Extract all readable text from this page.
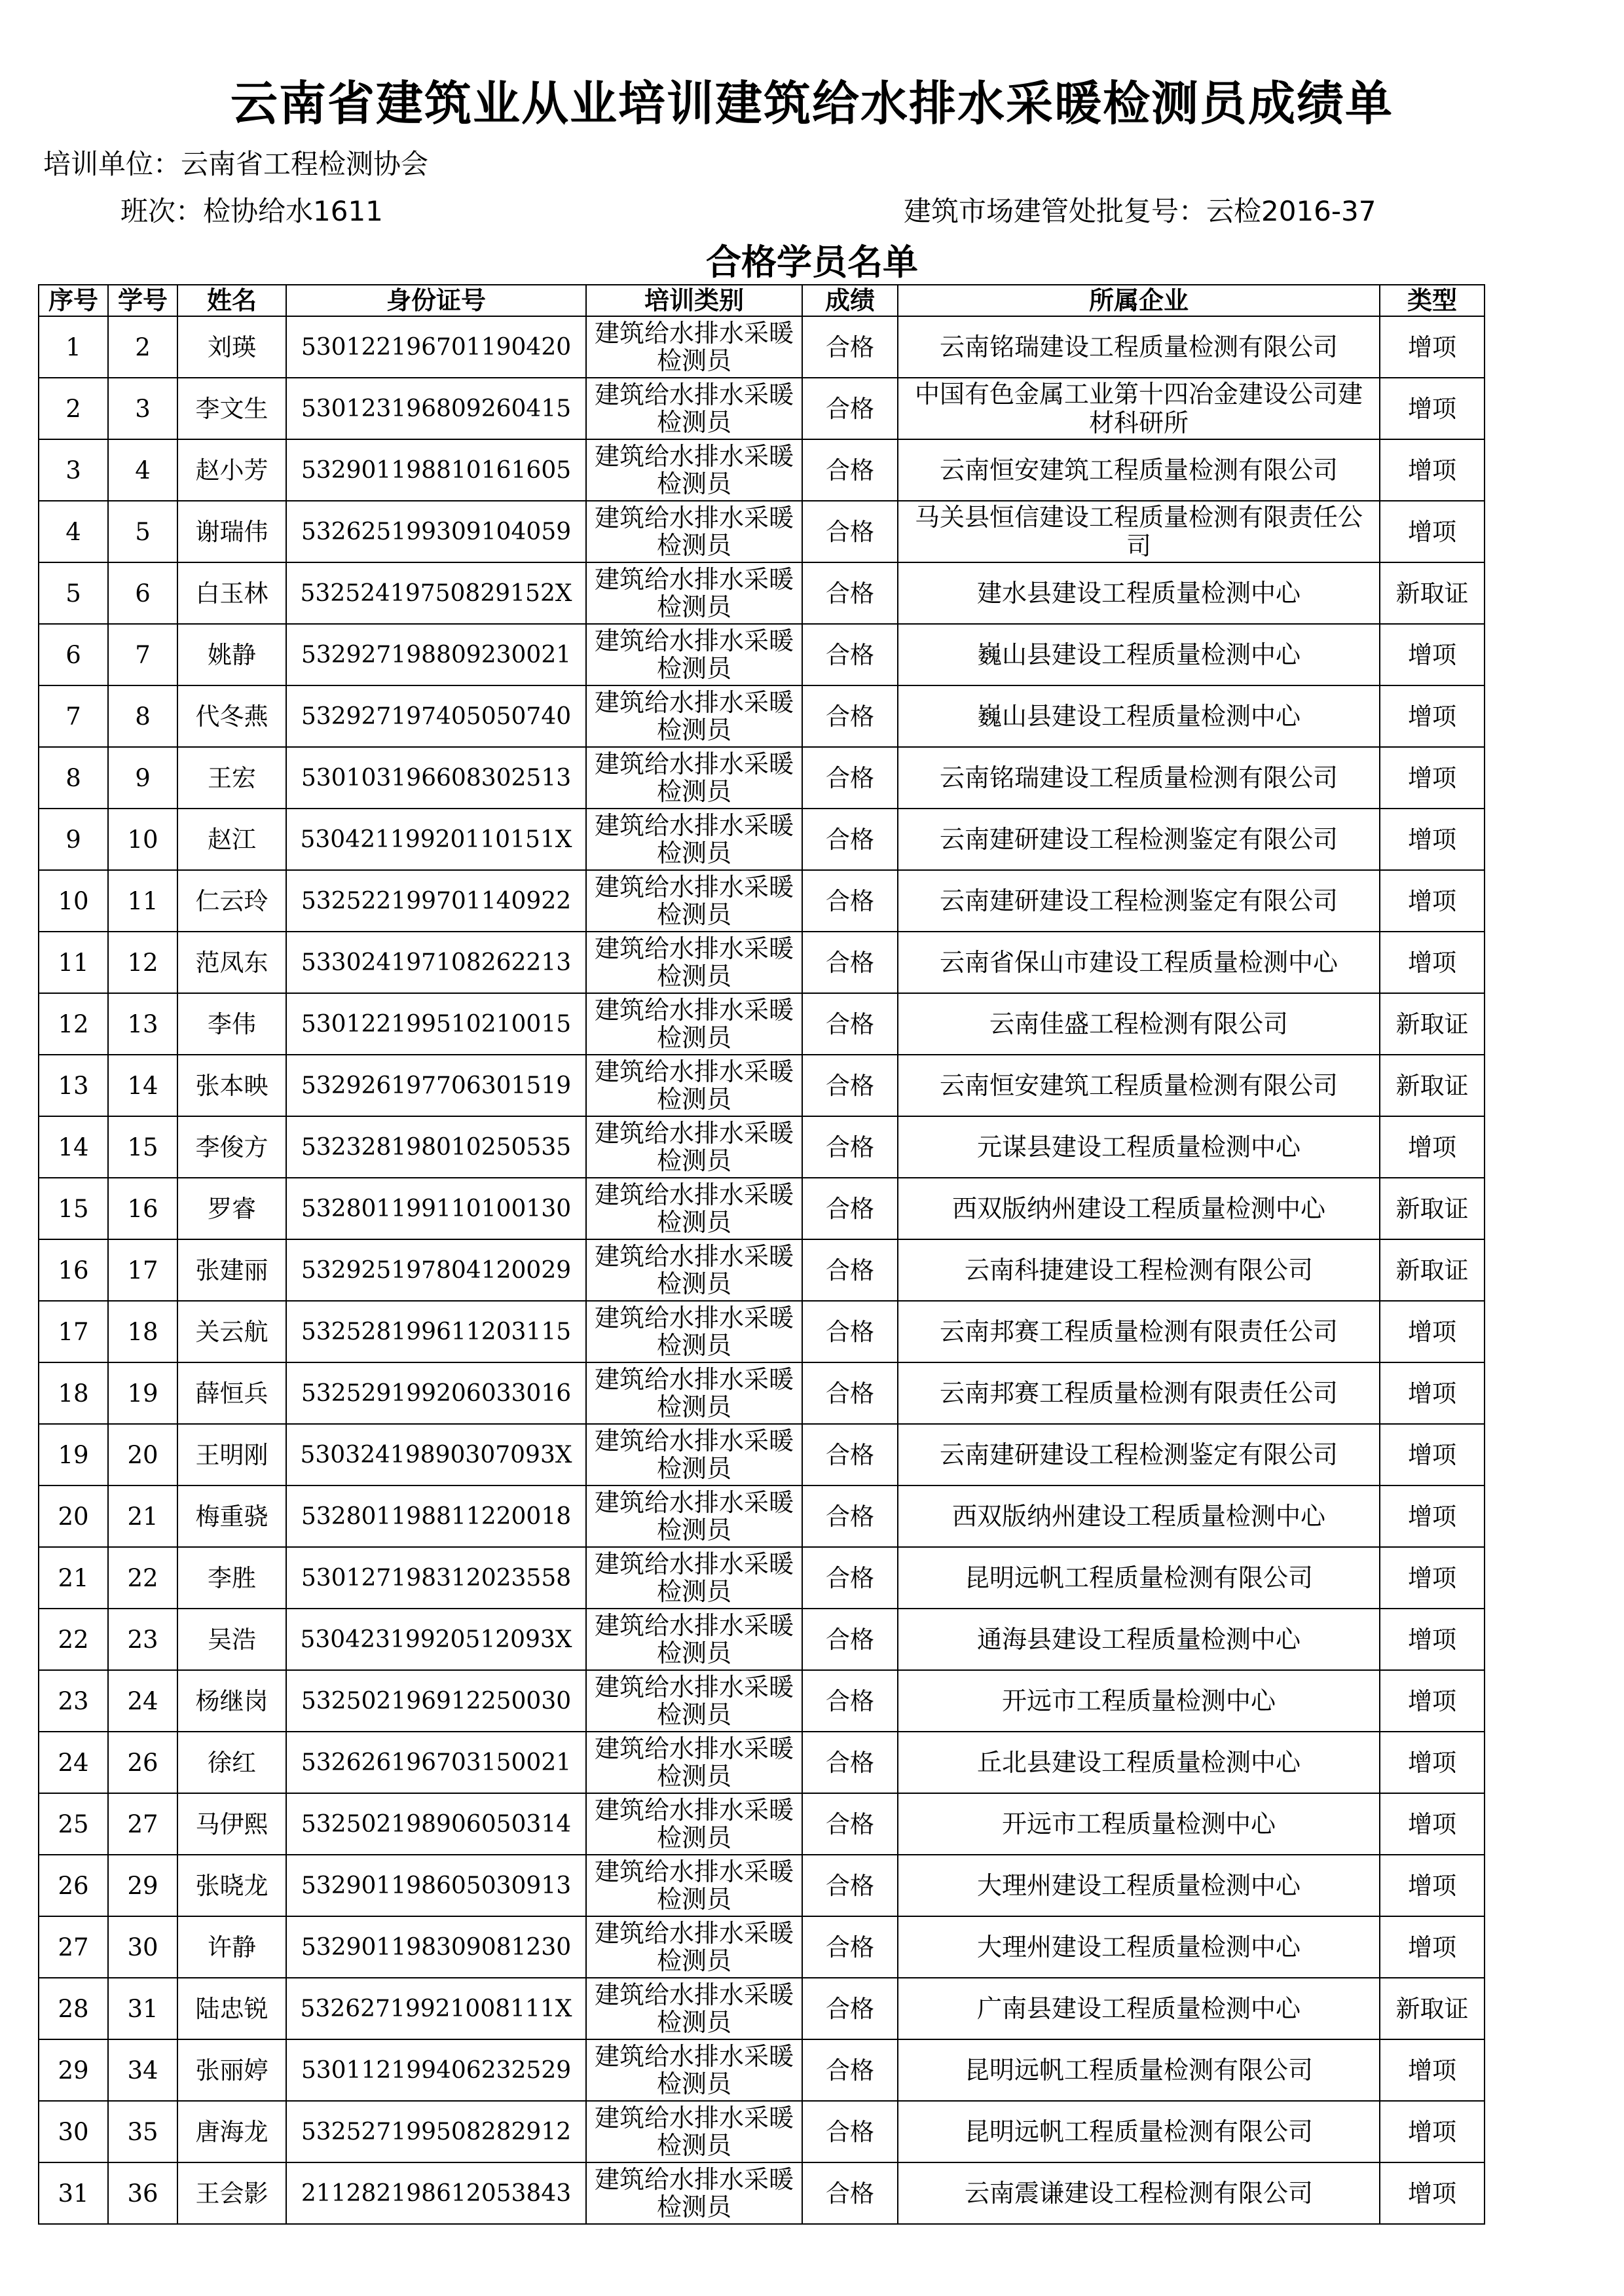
云南省建筑业从业培训建筑给水排水采暖检测员成绩单
培训单位：云南省工程检测协会
班次：检协给水1611	建筑市场建管处批复号：云检2016-37
合格学员名单
序号	学号	姓名	身份证号	培训类别	成绩	所属企业	类型
1	2	刘瑛	530122196701190420	建筑给水排水采暖检测员	合格	云南铭瑞建设工程质量检测有限公司	增项
2	3	李文生	530123196809260415	建筑给水排水采暖检测员	合格	中国有色金属工业第十四冶金建设公司建材科研所	增项
3	4	赵小芳	532901198810161605	建筑给水排水采暖检测员	合格	云南恒安建筑工程质量检测有限公司	增项
4	5	谢瑞伟	532625199309104059	建筑给水排水采暖检测员	合格	马关县恒信建设工程质量检测有限责任公司	增项
5	6	白玉林	53252419750829152X	建筑给水排水采暖检测员	合格	建水县建设工程质量检测中心	新取证
6	7	姚静	532927198809230021	建筑给水排水采暖检测员	合格	巍山县建设工程质量检测中心	增项
7	8	代冬燕	532927197405050740	建筑给水排水采暖检测员	合格	巍山县建设工程质量检测中心	增项
8	9	王宏	530103196608302513	建筑给水排水采暖检测员	合格	云南铭瑞建设工程质量检测有限公司	增项
9	10	赵江	53042119920110151X	建筑给水排水采暖检测员	合格	云南建研建设工程检测鉴定有限公司	增项
10	11	仁云玲	532522199701140922	建筑给水排水采暖检测员	合格	云南建研建设工程检测鉴定有限公司	增项
11	12	范凤东	533024197108262213	建筑给水排水采暖检测员	合格	云南省保山市建设工程质量检测中心	增项
12	13	李伟	530122199510210015	建筑给水排水采暖检测员	合格	云南佳盛工程检测有限公司	新取证
13	14	张本映	532926197706301519	建筑给水排水采暖检测员	合格	云南恒安建筑工程质量检测有限公司	新取证
14	15	李俊方	532328198010250535	建筑给水排水采暖检测员	合格	元谋县建设工程质量检测中心	增项
15	16	罗睿	532801199110100130	建筑给水排水采暖检测员	合格	西双版纳州建设工程质量检测中心	新取证
16	17	张建丽	532925197804120029	建筑给水排水采暖检测员	合格	云南科捷建设工程检测有限公司	新取证
17	18	关云航	532528199611203115	建筑给水排水采暖检测员	合格	云南邦赛工程质量检测有限责任公司	增项
18	19	薛恒兵	532529199206033016	建筑给水排水采暖检测员	合格	云南邦赛工程质量检测有限责任公司	增项
19	20	王明刚	53032419890307093X	建筑给水排水采暖检测员	合格	云南建研建设工程检测鉴定有限公司	增项
20	21	梅重骁	532801198811220018	建筑给水排水采暖检测员	合格	西双版纳州建设工程质量检测中心	增项
21	22	李胜	530127198312023558	建筑给水排水采暖检测员	合格	昆明远帆工程质量检测有限公司	增项
22	23	吴浩	53042319920512093X	建筑给水排水采暖检测员	合格	通海县建设工程质量检测中心	增项
23	24	杨继岗	532502196912250030	建筑给水排水采暖检测员	合格	开远市工程质量检测中心	增项
24	26	徐红	532626196703150021	建筑给水排水采暖检测员	合格	丘北县建设工程质量检测中心	增项
25	27	马伊熙	532502198906050314	建筑给水排水采暖检测员	合格	开远市工程质量检测中心	增项
26	29	张晓龙	532901198605030913	建筑给水排水采暖检测员	合格	大理州建设工程质量检测中心	增项
27	30	许静	532901198309081230	建筑给水排水采暖检测员	合格	大理州建设工程质量检测中心	增项
28	31	陆忠锐	53262719921008111X	建筑给水排水采暖检测员	合格	广南县建设工程质量检测中心	新取证
29	34	张丽婷	530112199406232529	建筑给水排水采暖检测员	合格	昆明远帆工程质量检测有限公司	增项
30	35	唐海龙	532527199508282912	建筑给水排水采暖检测员	合格	昆明远帆工程质量检测有限公司	增项
31	36	王会影	211282198612053843	建筑给水排水采暖检测员	合格	云南震谦建设工程检测有限公司	增项
